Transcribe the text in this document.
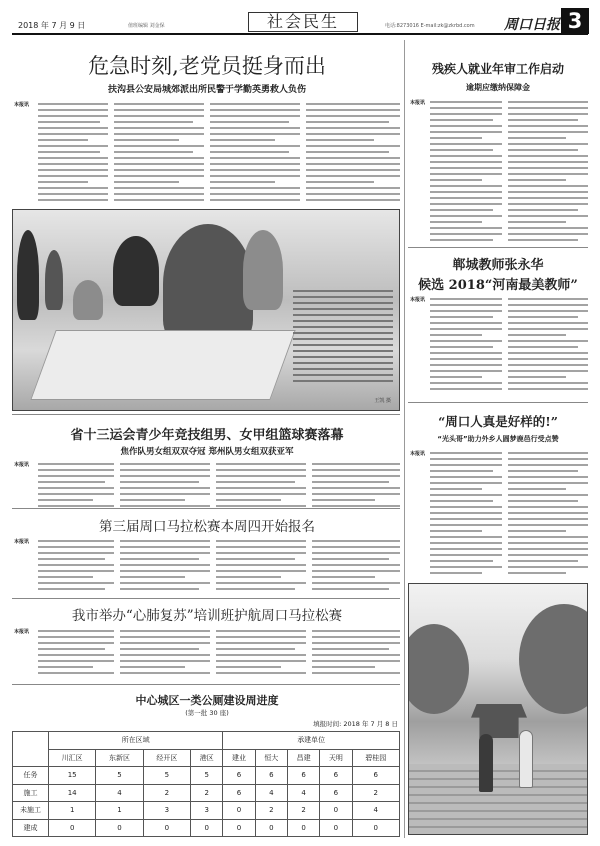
2018 年 7 月 9 日	值班编辑 刘金保	社会民生	电话:8273016 E-mail:zk@zkrbd.com 周口日报 3
危急时刻,老党员挺身而出
扶沟县公安局城郊派出所民警于学勤英勇救人负伤
本报讯
王凯 摄
省十三运会青少年竞技组男、女甲组篮球赛落幕
焦作队男女组双双夺冠 郑州队男女组双获亚军
本报讯
第三届周口马拉松赛本周四开始报名
本报讯
我市举办“心肺复苏”培训班护航周口马拉松赛
本报讯
中心城区一类公厕建设周进度
(第一批 30 座)
填报时间: 2018 年 7 月 8 日
	所在区域				承建单位				
	川汇区	东新区	经开区	港区	建业	恒大	昌建	天明	碧桂园
任务	15	5	5	5	6	6	6	6	6
施工	14	4	2	2	6	4	4	6	2
未施工	1	1	3	3	0	2	2	0	4
建成	0	0	0	0	0	0	0	0	0
残疾人就业年审工作启动
逾期应缴纳保障金
本报讯
郸城教师张永华
候选 2018“河南最美教师”
本报讯
“周口人真是好样的!”
“光头哥”助力外乡人圆梦鹿邑行受点赞
本报讯
